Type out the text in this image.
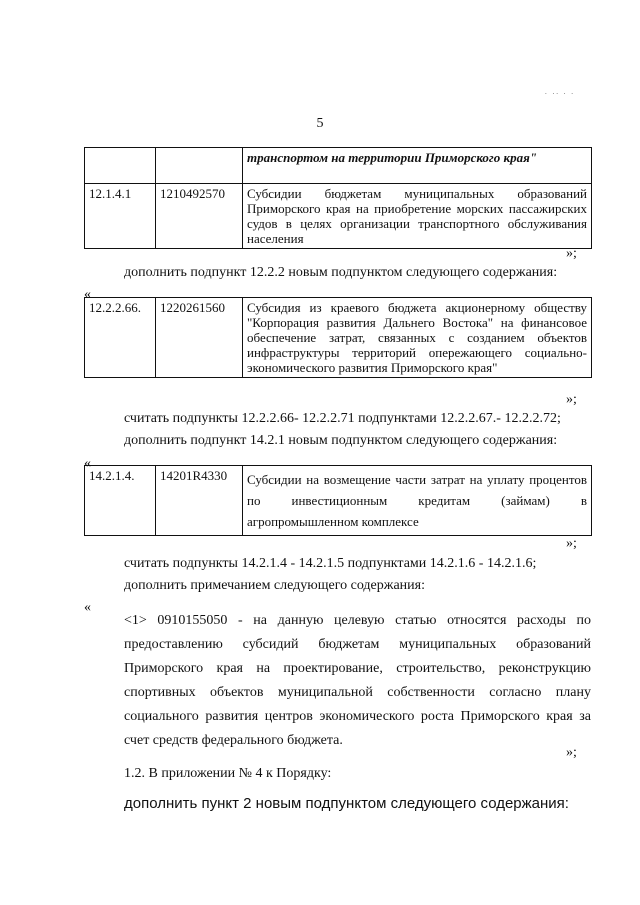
. .. . .
5
		транспортом на территории Приморского края"
12.1.4.1	1210492570	Субсидии бюджетам муниципальных образований Приморского края на приобретение морских пассажирских судов в целях организации транспортного обслуживания населения
»;
дополнить подпункт 12.2.2 новым подпунктом следующего содержания:
«
12.2.2.66.	1220261560	Субсидия из краевого бюджета акционерному обществу "Корпорация развития Дальнего Востока" на финансовое обеспечение затрат, связанных с созданием объектов инфраструктуры территорий опережающего социально-экономического развития Приморского края"
»;
считать подпункты 12.2.2.66- 12.2.2.71 подпунктами 12.2.2.67.- 12.2.2.72;
дополнить подпункт 14.2.1 новым подпунктом следующего содержания:
«
14.2.1.4.	14201R4330	Субсидии на возмещение части затрат на уплату процентов по инвестиционным кредитам (займам) в агропромышленном комплексе
»;
считать подпункты 14.2.1.4 - 14.2.1.5 подпунктами 14.2.1.6 - 14.2.1.6;
дополнить примечанием следующего содержания:
«
<1> 0910155050 - на данную целевую статью относятся расходы по предоставлению субсидий бюджетам муниципальных образований Приморского края на проектирование, строительство, реконструкцию спортивных объектов муниципальной собственности согласно плану социального развития центров экономического роста Приморского края за счет средств федерального бюджета.
»;
1.2. В приложении № 4 к Порядку:
дополнить пункт 2 новым подпунктом следующего содержания:
